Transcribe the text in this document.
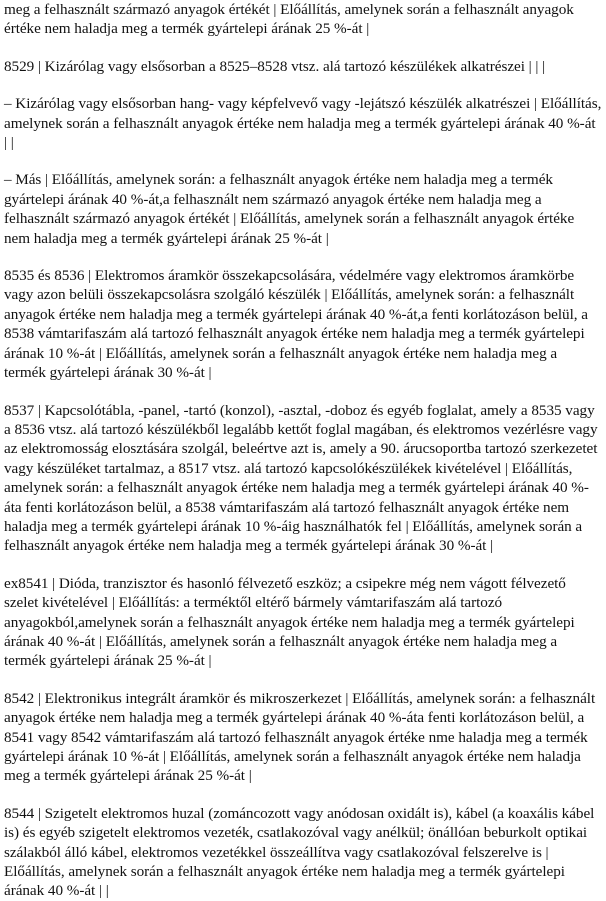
meg a felhasznált származó anyagok értékét | Előállítás, amelynek során a felhasznált anyagok értéke nem haladja meg a termék gyártelepi árának 25 %-át |

8529 | Kizárólag vagy elsősorban a 8525–8528 vtsz. alá tartozó készülékek alkatrészei | | |

– Kizárólag vagy elsősorban hang- vagy képfelvevő vagy -lejátszó készülék alkatrészei | Előállítás, amelynek során a felhasznált anyagok értéke nem haladja meg a termék gyártelepi árának 40 %-át | |

– Más | Előállítás, amelynek során: a felhasznált anyagok értéke nem haladja meg a termék gyártelepi árának 40 %-át,a felhasznált nem származó anyagok értéke nem haladja meg a felhasznált származó anyagok értékét | Előállítás, amelynek során a felhasznált anyagok értéke nem haladja meg a termék gyártelepi árának 25 %-át |

8535 és 8536 | Elektromos áramkör összekapcsolására, védelmére vagy elektromos áramkörbe vagy azon belüli összekapcsolásra szolgáló készülék | Előállítás, amelynek során: a felhasznált anyagok értéke nem haladja meg a termék gyártelepi árának 40 %-át,a fenti korlátozáson belül, a 8538 vámtarifaszám alá tartozó felhasznált anyagok értéke nem haladja meg a termék gyártelepi árának 10 %-át | Előállítás, amelynek során a felhasznált anyagok értéke nem haladja meg a termék gyártelepi árának 30 %-át |

8537 | Kapcsolótábla, -panel, -tartó (konzol), -asztal, -doboz és egyéb foglalat, amely a 8535 vagy a 8536 vtsz. alá tartozó készülékből legalább kettőt foglal magában, és elektromos vezérlésre vagy az elektromosság elosztására szolgál, beleértve azt is, amely a 90. árucsoportba tartozó szerkezetet vagy készüléket tartalmaz, a 8517 vtsz. alá tartozó kapcsolókészülékek kivételével | Előállítás, amelynek során: a felhasznált anyagok értéke nem haladja meg a termék gyártelepi árának 40 %-áta fenti korlátozáson belül, a 8538 vámtarifaszám alá tartozó felhasznált anyagok értéke nem haladja meg a termék gyártelepi árának 10 %-áig használhatók fel | Előállítás, amelynek során a felhasznált anyagok értéke nem haladja meg a termék gyártelepi árának 30 %-át |

ex8541 | Dióda, tranzisztor és hasonló félvezető eszköz; a csipekre még nem vágott félvezető szelet kivételével | Előállítás: a terméktől eltérő bármely vámtarifaszám alá tartozó anyagokból,amelynek során a felhasznált anyagok értéke nem haladja meg a termék gyártelepi árának 40 %-át | Előállítás, amelynek során a felhasznált anyagok értéke nem haladja meg a termék gyártelepi árának 25 %-át |

8542 | Elektronikus integrált áramkör és mikroszerkezet | Előállítás, amelynek során: a felhasznált anyagok értéke nem haladja meg a termék gyártelepi árának 40 %-áta fenti korlátozáson belül, a 8541 vagy 8542 vámtarifaszám alá tartozó felhasznált anyagok értéke nme haladja meg a termék gyártelepi árának 10 %-át | Előállítás, amelynek során a felhasznált anyagok értéke nem haladja meg a termék gyártelepi árának 25 %-át |

8544 | Szigetelt elektromos huzal (zománcozott vagy anódosan oxidált is), kábel (a koaxális kábel is) és egyéb szigetelt elektromos vezeték, csatlakozóval vagy anélkül; önállóan beburkolt optikai szálakból álló kábel, elektromos vezetékkel összeállítva vagy csatlakozóval felszerelve is | Előállítás, amelynek során a felhasznált anyagok értéke nem haladja meg a termék gyártelepi árának 40 %-át | |
